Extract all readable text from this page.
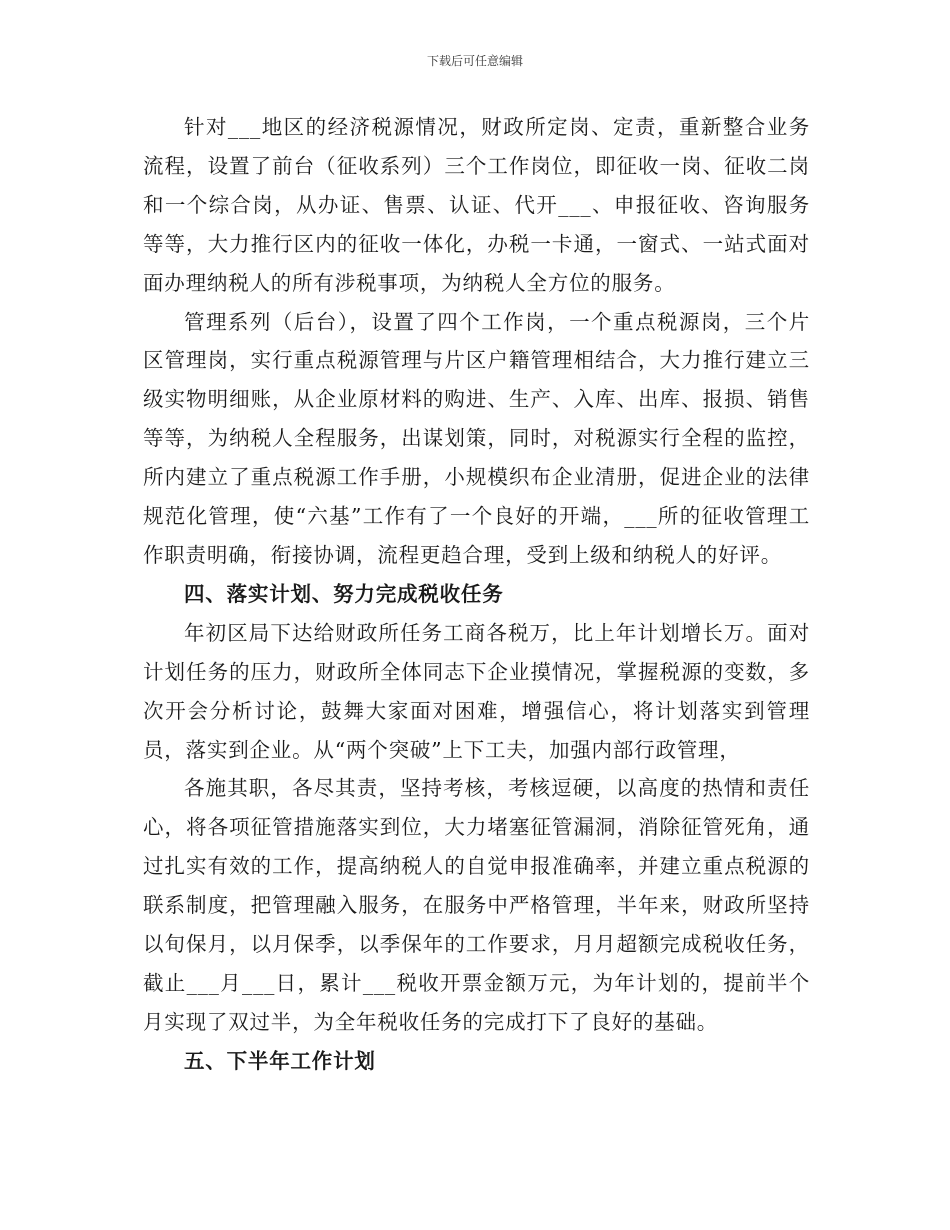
下载后可任意编辑

针对___地区的经济税源情况，财政所定岗、定责，重新整合业务流程，设置了前台（征收系列）三个工作岗位，即征收一岗、征收二岗和一个综合岗，从办证、售票、认证、代开___、申报征收、咨询服务等等，大力推行区内的征收一体化，办税一卡通，一窗式、一站式面对面办理纳税人的所有涉税事项，为纳税人全方位的服务。

管理系列（后台），设置了四个工作岗，一个重点税源岗，三个片区管理岗，实行重点税源管理与片区户籍管理相结合，大力推行建立三级实物明细账，从企业原材料的购进、生产、入库、出库、报损、销售等等，为纳税人全程服务，出谋划策，同时，对税源实行全程的监控，所内建立了重点税源工作手册，小规模织布企业清册，促进企业的法律规范化管理，使“六基”工作有了一个良好的开端，___所的征收管理工作职责明确，衔接协调，流程更趋合理，受到上级和纳税人的好评。

四、落实计划、努力完成税收任务

年初区局下达给财政所任务工商各税万，比上年计划增长万。面对计划任务的压力，财政所全体同志下企业摸情况，掌握税源的变数，多次开会分析讨论，鼓舞大家面对困难，增强信心，将计划落实到管理员，落实到企业。从“两个突破”上下工夫，加强内部行政管理，

各施其职，各尽其责，坚持考核，考核逗硬，以高度的热情和责任心，将各项征管措施落实到位，大力堵塞征管漏洞，消除征管死角，通过扎实有效的工作，提高纳税人的自觉申报准确率，并建立重点税源的联系制度，把管理融入服务，在服务中严格管理，半年来，财政所坚持以旬保月，以月保季，以季保年的工作要求，月月超额完成税收任务，截止___月___日，累计___税收开票金额万元，为年计划的，提前半个月实现了双过半，为全年税收任务的完成打下了良好的基础。

五、下半年工作计划
